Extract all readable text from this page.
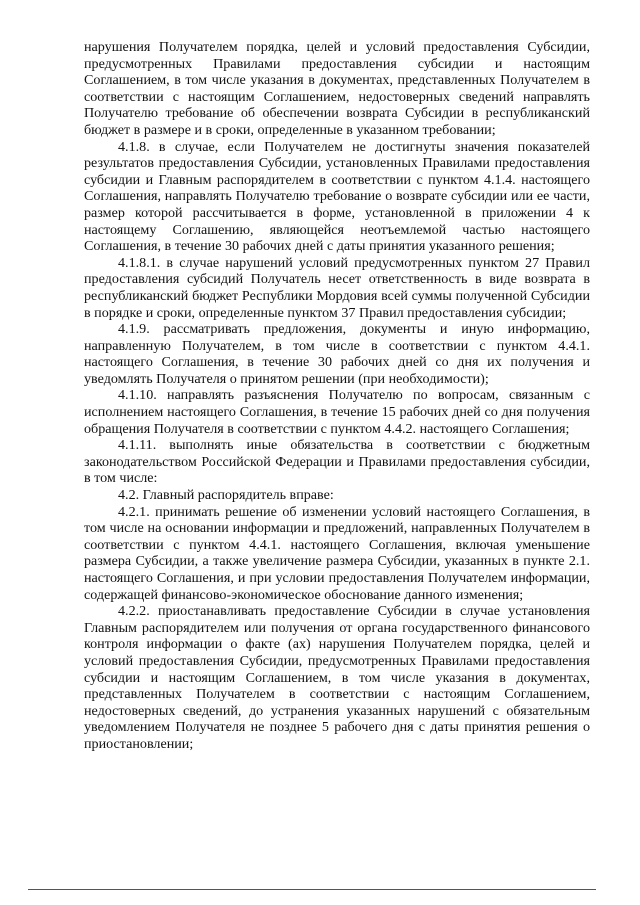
нарушения Получателем порядка, целей и условий предоставления Субсидии, предусмотренных Правилами предоставления субсидии и настоящим Соглашением, в том числе указания в документах, представленных Получателем в соответствии с настоящим Соглашением, недостоверных сведений направлять Получателю требование об обеспечении возврата Субсидии в республиканский бюджет в размере и в сроки, определенные в указанном требовании;

4.1.8. в случае, если Получателем не достигнуты значения показателей результатов предоставления Субсидии, установленных Правилами предоставления субсидии и Главным распорядителем в соответствии с пунктом 4.1.4. настоящего Соглашения, направлять Получателю требование о возврате субсидии или ее части, размер которой рассчитывается в форме, установленной в приложении 4 к настоящему Соглашению, являющейся неотъемлемой частью настоящего Соглашения, в течение 30 рабочих дней с даты принятия указанного решения;

4.1.8.1. в случае нарушений условий предусмотренных пунктом 27 Правил предоставления субсидий Получатель несет ответственность в виде возврата в республиканский бюджет Республики Мордовия всей суммы полученной Субсидии в порядке и сроки, определенные пунктом 37 Правил предоставления субсидии;

4.1.9. рассматривать предложения, документы и иную информацию, направленную Получателем, в том числе в соответствии с пунктом 4.4.1. настоящего Соглашения, в течение 30 рабочих дней со дня их получения и уведомлять Получателя о принятом решении (при необходимости);

4.1.10. направлять разъяснения Получателю по вопросам, связанным с исполнением настоящего Соглашения, в течение 15 рабочих дней со дня получения обращения Получателя в соответствии с пунктом 4.4.2. настоящего Соглашения;

4.1.11. выполнять иные обязательства в соответствии с бюджетным законодательством Российской Федерации и Правилами предоставления субсидии, в том числе:

4.2. Главный распорядитель вправе:

4.2.1. принимать решение об изменении условий настоящего Соглашения, в том числе на основании информации и предложений, направленных Получателем в соответствии с пунктом 4.4.1. настоящего Соглашения, включая уменьшение размера Субсидии, а также увеличение размера Субсидии, указанных в пункте 2.1. настоящего Соглашения, и при условии предоставления Получателем информации, содержащей финансово-экономическое обоснование данного изменения;

4.2.2. приостанавливать предоставление Субсидии в случае установления Главным распорядителем или получения от органа государственного финансового контроля информации о факте (ах) нарушения Получателем порядка, целей и условий предоставления Субсидии, предусмотренных Правилами предоставления субсидии и настоящим Соглашением, в том числе указания в документах, представленных Получателем в соответствии с настоящим Соглашением, недостоверных сведений, до устранения указанных нарушений с обязательным уведомлением Получателя не позднее 5 рабочего дня с даты принятия решения о приостановлении;
